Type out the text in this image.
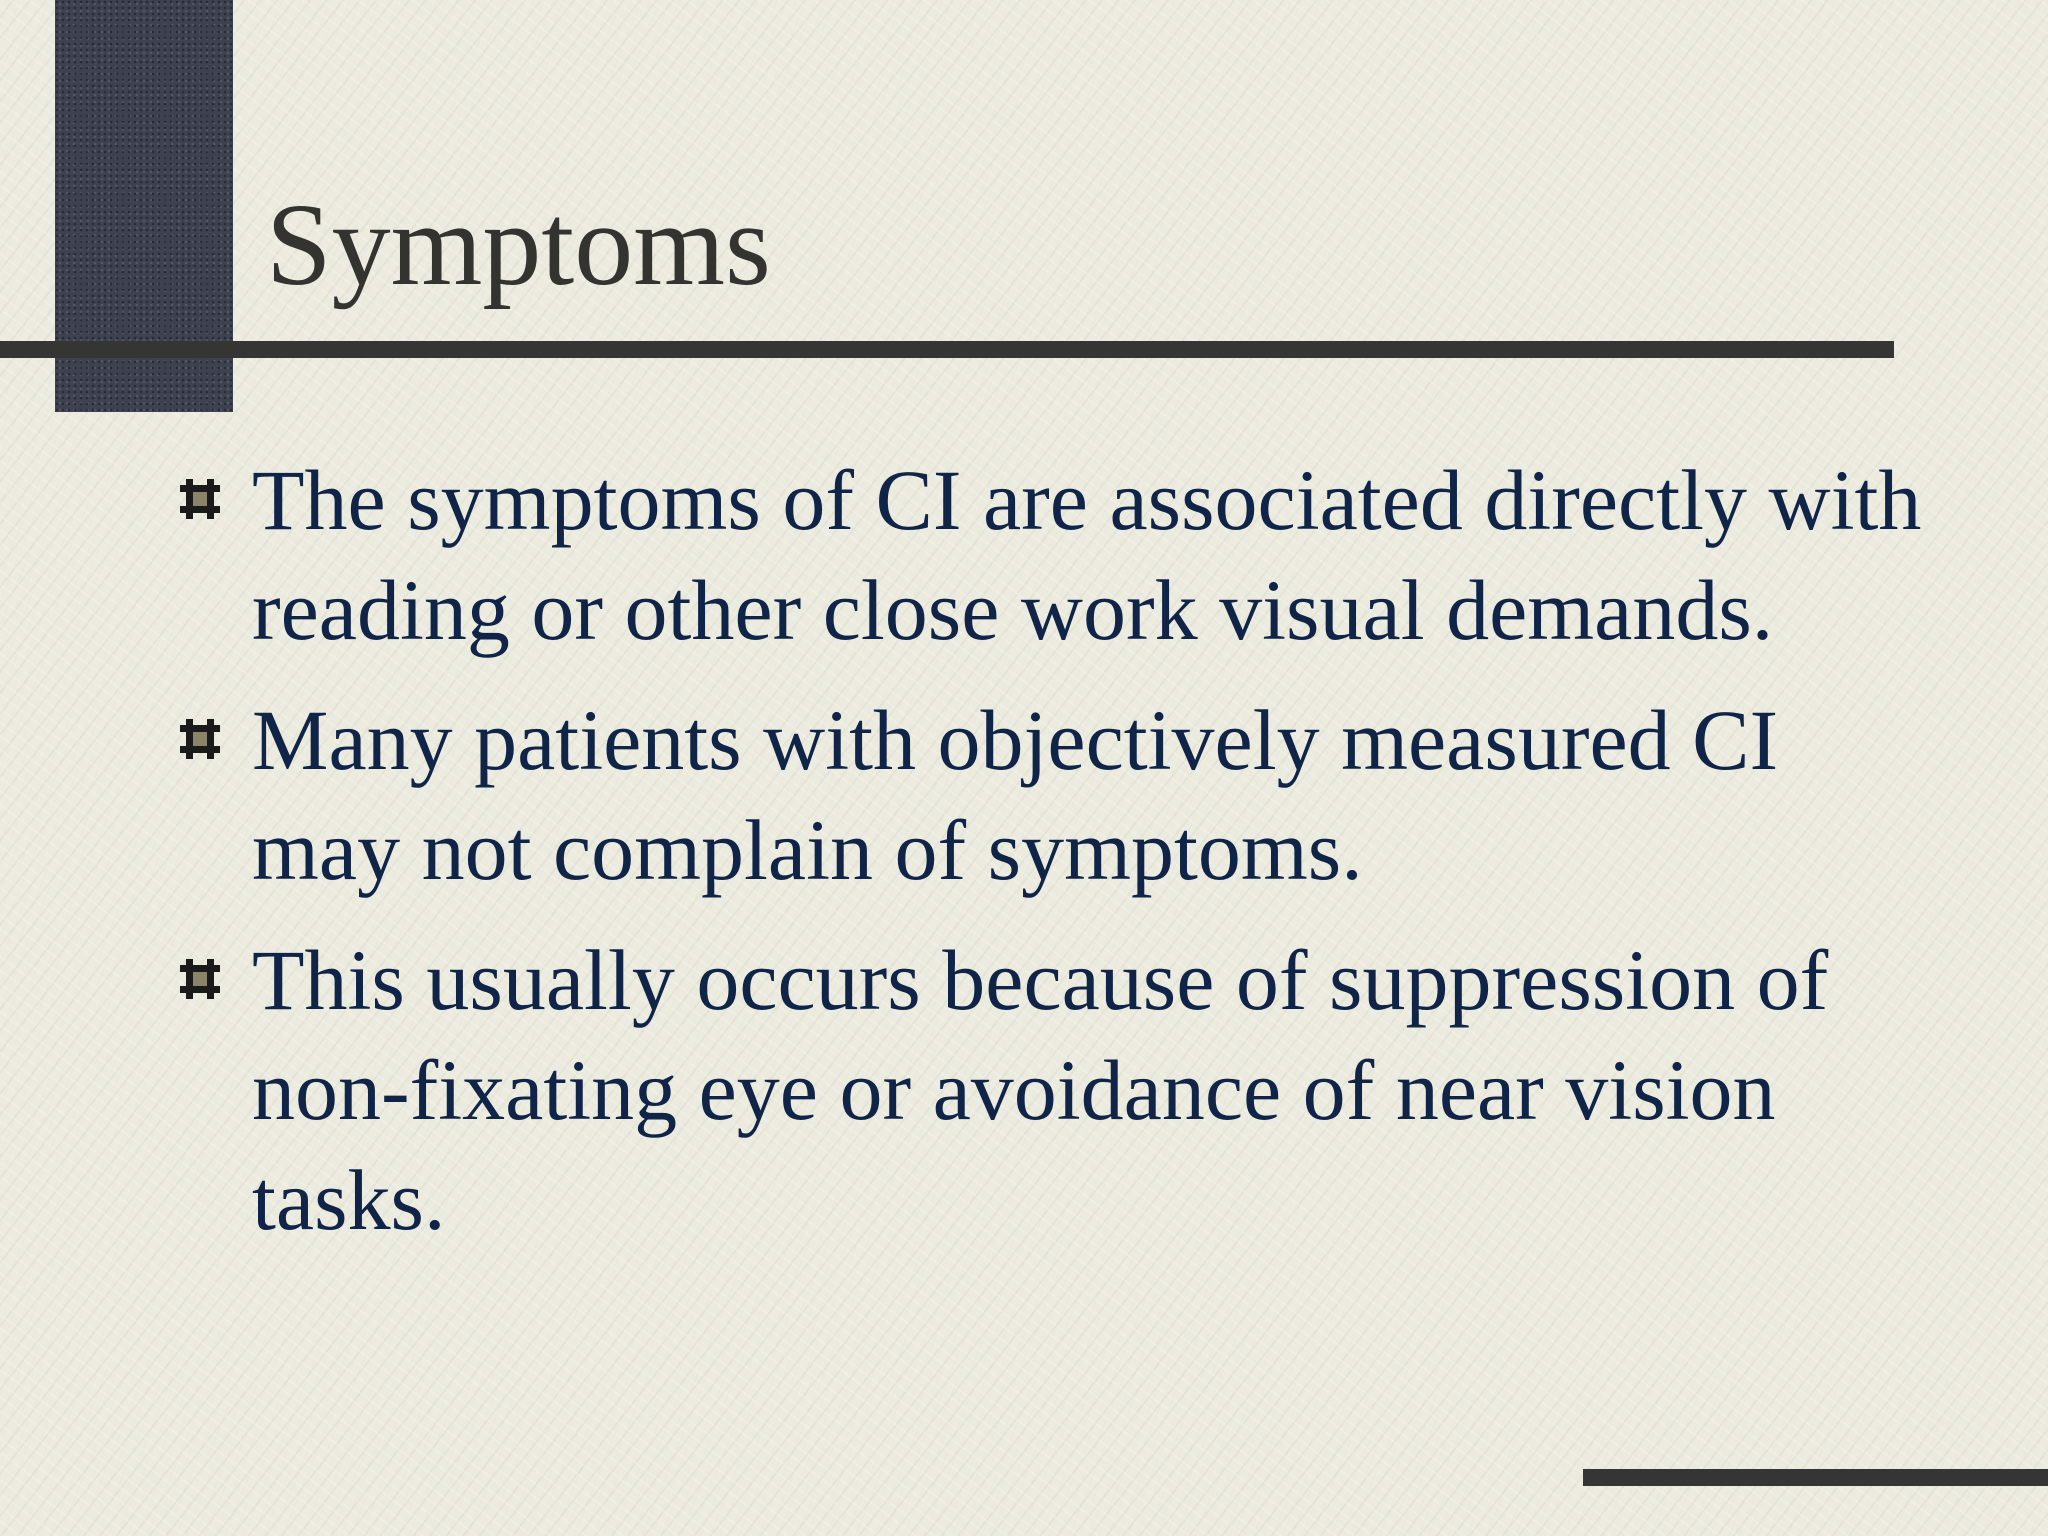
Symptoms
The symptoms of CI are associated directly with reading or other close work visual demands.
Many patients with objectively measured CI may not complain of symptoms.
This usually occurs because of suppression of non-fixating eye or avoidance of near vision tasks.
